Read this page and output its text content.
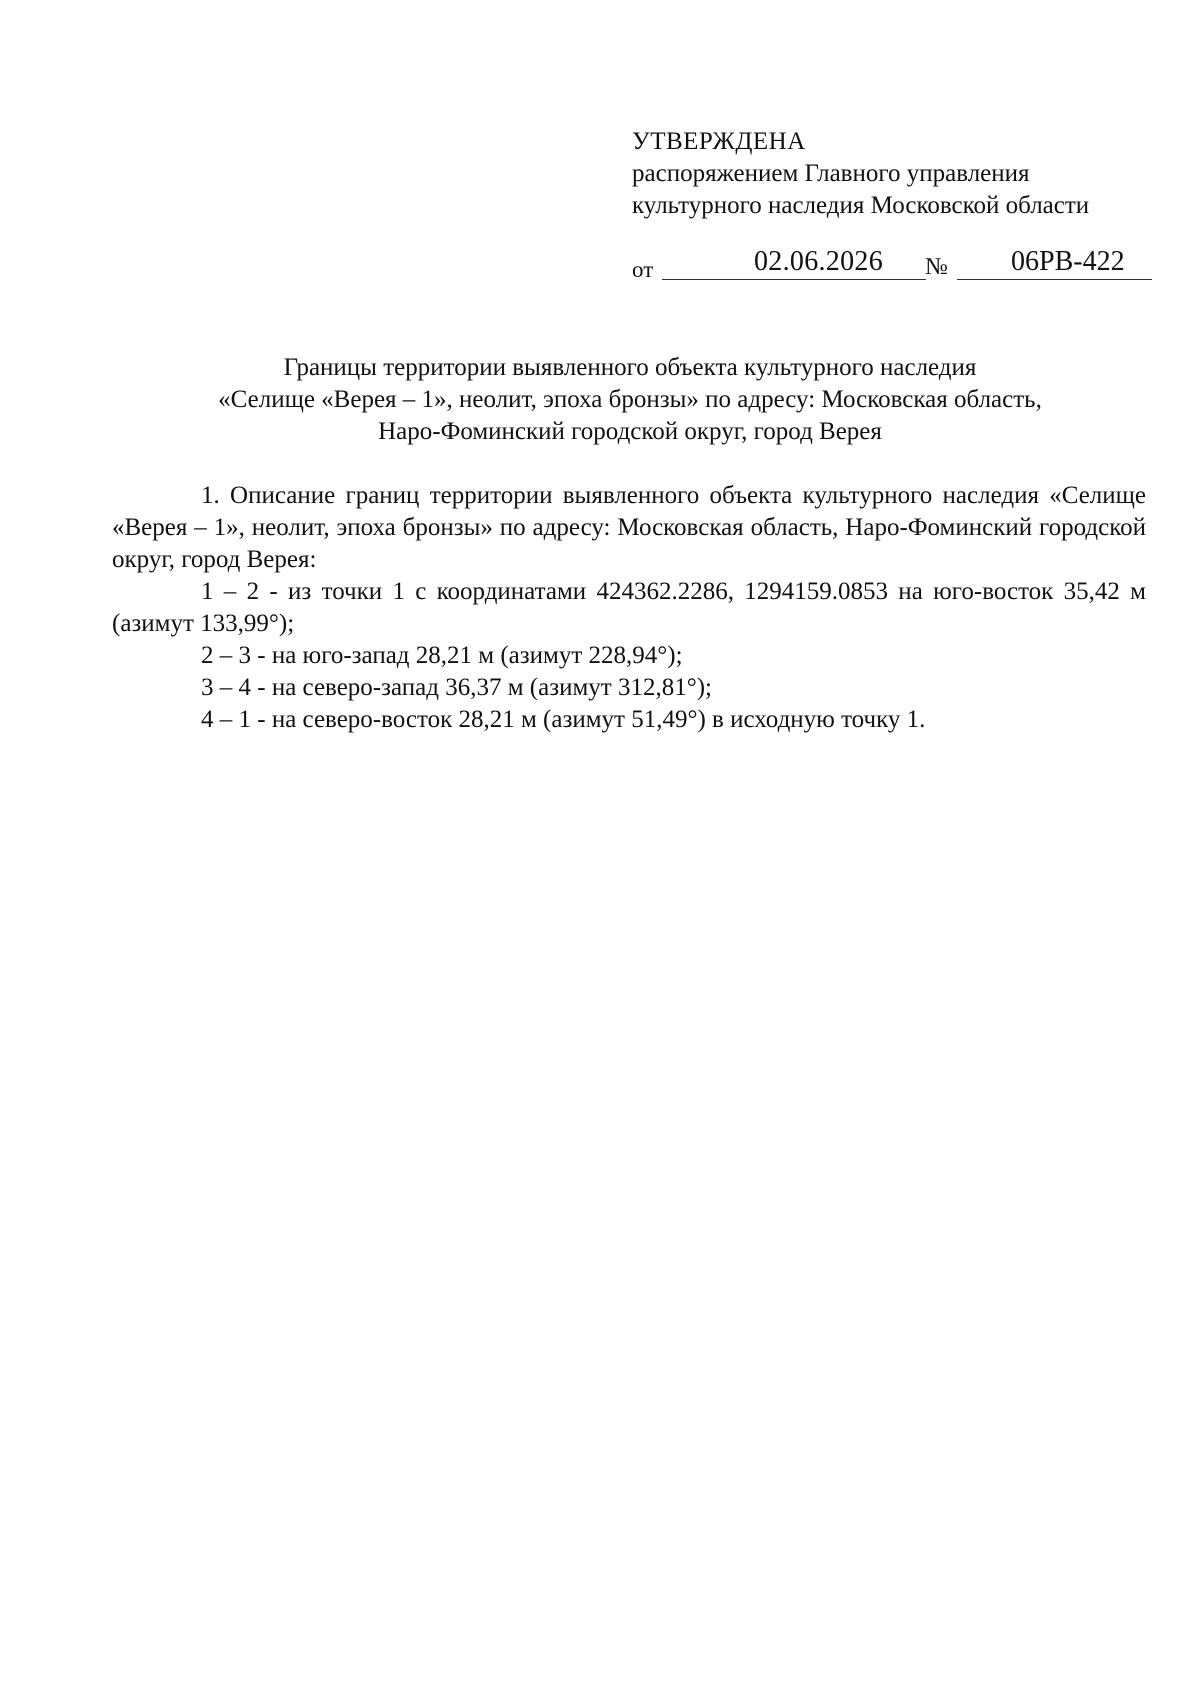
УТВЕРЖДЕНА
распоряжением Главного управления
культурного наследия Московской области
от	02.06.2026 № 06РВ-422
Границы территории выявленного объекта культурного наследия
«Селище «Верея – 1», неолит, эпоха бронзы» по адресу: Московская область,
Наро-Фоминский городской округ, город Верея

1. Описание границ территории выявленного объекта культурного наследия «Селище «Верея – 1», неолит, эпоха бронзы» по адресу: Московская область, Наро-Фоминский городской округ, город Верея:

1 – 2 - из точки 1 с координатами 424362.2286, 1294159.0853 на юго-восток 35,42 м (азимут 133,99°);

2 – 3 - на юго-запад 28,21 м (азимут 228,94°);

3 – 4 - на северо-запад 36,37 м (азимут 312,81°);

4 – 1 - на северо-восток 28,21 м (азимут 51,49°) в исходную точку 1.
